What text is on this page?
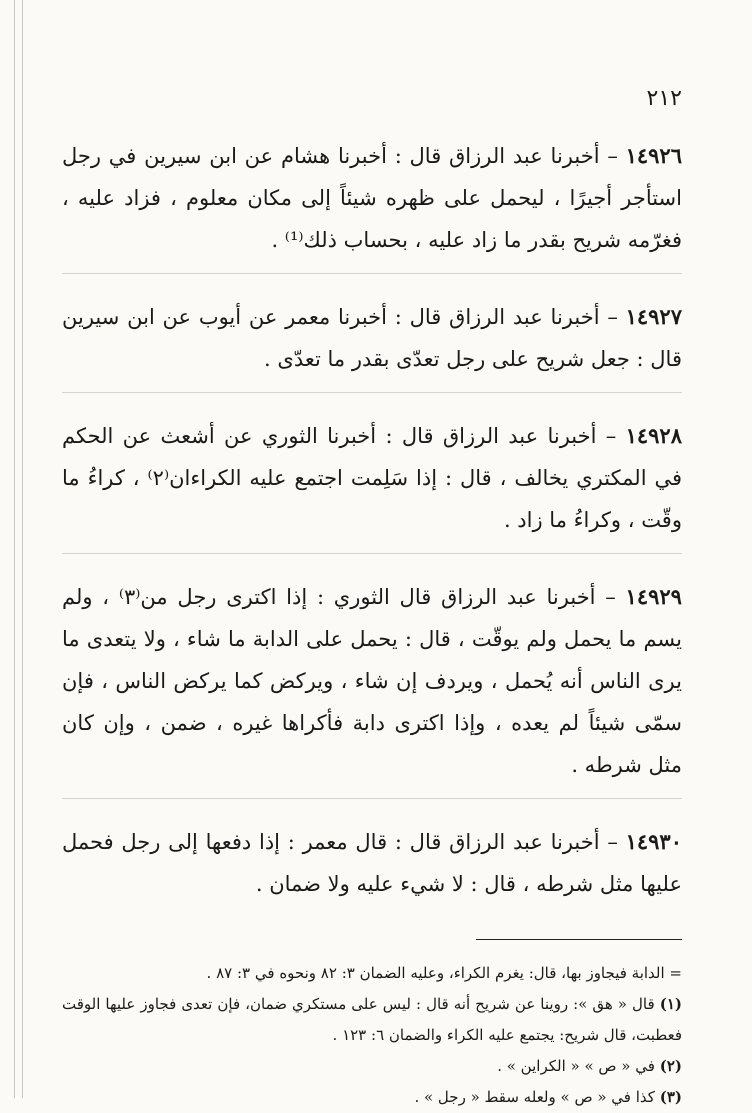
٢١٢

١٤٩٢٦ – أخبرنا عبد الرزاق قال : أخبرنا هشام عن ابن سيرين في رجل استأجر أجيرًا ، ليحمل على ظهره شيئاً إلى مكان معلوم ، فزاد عليه ، فغرّمه شريح بقدر ما زاد عليه ، بحساب ذلك⁽¹⁾ .

١٤٩٢٧ – أخبرنا عبد الرزاق قال : أخبرنا معمر عن أيوب عن ابن سيرين قال : جعل شريح على رجل تعدّى بقدر ما تعدّى .

١٤٩٢٨ – أخبرنا عبد الرزاق قال : أخبرنا الثوري عن أشعث عن الحكم في المكتري يخالف ، قال : إذا سَلِمت اجتمع عليه الكراءان⁽٢⁾ ، كراءُ ما وقّت ، وكراءُ ما زاد .

١٤٩٢٩ – أخبرنا عبد الرزاق قال الثوري : إذا اكترى رجل من⁽٣⁾ ، ولم يسم ما يحمل ولم يوقّت ، قال : يحمل على الدابة ما شاء ، ولا يتعدى ما يرى الناس أنه يُحمل ، ويردف إن شاء ، ويركض كما يركض الناس ، فإن سمّى شيئاً لم يعده ، وإذا اكترى دابة فأكراها غيره ، ضمن ، وإن كان مثل شرطه .

١٤٩٣٠ – أخبرنا عبد الرزاق قال : قال معمر : إذا دفعها إلى رجل فحمل عليها مثل شرطه ، قال : لا شيء عليه ولا ضمان .

= الدابة فيجاوز بها، قال: يغرم الكراء، وعليه الضمان ٣: ٨٢ ونحوه في ٣: ٨٧ .

(١) قال « هق »: روينا عن شريح أنه قال : ليس على مستكري ضمان، فإن تعدى فجاوز عليها الوقت فعطبت، قال شريح: يجتمع عليه الكراء والضمان ٦: ١٢٣ .

(٢) في « ص » « الكراين » .

(٣) كذا في « ص » ولعله سقط « رجل » .
